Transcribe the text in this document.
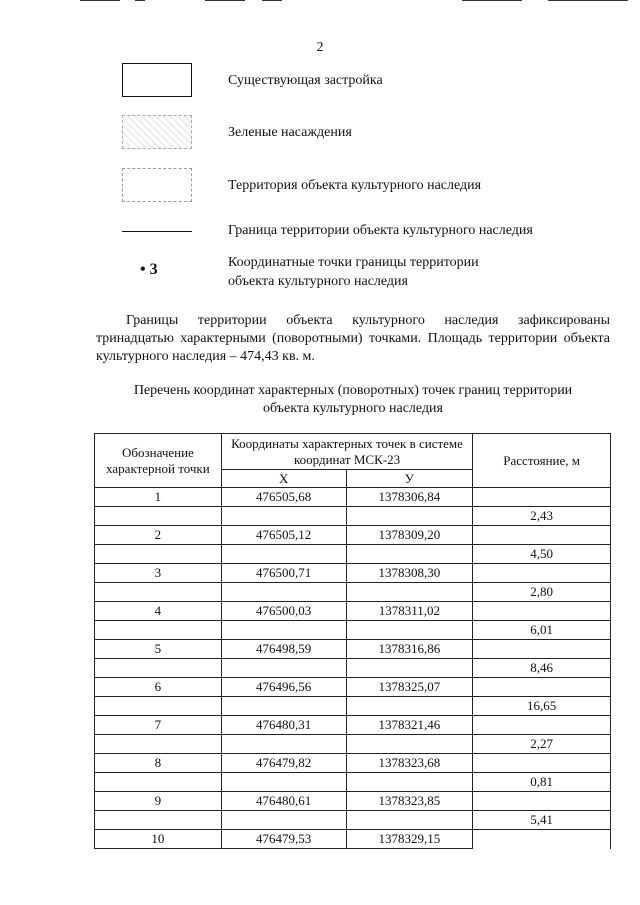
2
Существующая застройка
Зеленые насаждения
Территория объекта культурного наследия
Граница территории объекта культурного наследия
• 3	Координатные точки границы территории
объекта культурного наследия
Границы территории объекта культурного наследия зафиксированы тринадцатью характерными (поворотными) точками. Площадь территории объекта культурного наследия – 474,43 кв. м.
Перечень координат характерных (поворотных) точек границ территории
объекта культурного наследия
Обозначение характерной точки	Координаты характерных точек в системе координат МСК-23		Расстояние, м
	X	У	
1	476505,68	1378306,84	
			2,43
2	476505,12	1378309,20	
			4,50
3	476500,71	1378308,30	
			2,80
4	476500,03	1378311,02	
			6,01
5	476498,59	1378316,86	
			8,46
6	476496,56	1378325,07	
			16,65
7	476480,31	1378321,46	
			2,27
8	476479,82	1378323,68	
			0,81
9	476480,61	1378323,85	
			5,41
10	476479,53	1378329,15	
